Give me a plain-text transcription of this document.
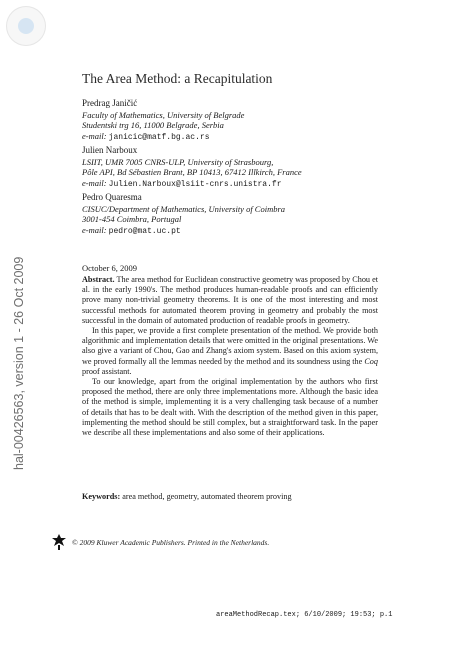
hal-00426563, version 1 - 26 Oct 2009
The Area Method: a Recapitulation
Predrag Janičić
Faculty of Mathematics, University of Belgrade
Studentski trg 16, 11000 Belgrade, Serbia
e-mail: janicic@matf.bg.ac.rs
Julien Narboux
LSIIT, UMR 7005 CNRS-ULP, University of Strasbourg,
Pôle API, Bd Sébastien Brant, BP 10413, 67412 Illkirch, France
e-mail: Julien.Narboux@lsiit-cnrs.unistra.fr
Pedro Quaresma
CISUC/Department of Mathematics, University of Coimbra
3001-454 Coimbra, Portugal
e-mail: pedro@mat.uc.pt
October 6, 2009

Abstract. The area method for Euclidean constructive geometry was proposed by Chou et al. in the early 1990's. The method produces human-readable proofs and can efficiently prove many non-trivial geometry theorems. It is one of the most interesting and most successful methods for automated theorem proving in geometry and probably the most successful in the domain of automated production of readable proofs in geometry.

In this paper, we provide a first complete presentation of the method. We provide both algorithmic and implementation details that were omitted in the original presentations. We also give a variant of Chou, Gao and Zhang's axiom system. Based on this axiom system, we proved formally all the lemmas needed by the method and its soundness using the Coq proof assistant.

To our knowledge, apart from the original implementation by the authors who first proposed the method, there are only three implementations more. Although the basic idea of the method is simple, implementing it is a very challenging task because of a number of details that has to be dealt with. With the description of the method given in this paper, implementing the method should be still complex, but a straightforward task. In the paper we describe all these implementations and also some of their applications.

Keywords: area method, geometry, automated theorem proving
© 2009 Kluwer Academic Publishers. Printed in the Netherlands.
areaMethodRecap.tex; 6/10/2009; 19:53; p.1
